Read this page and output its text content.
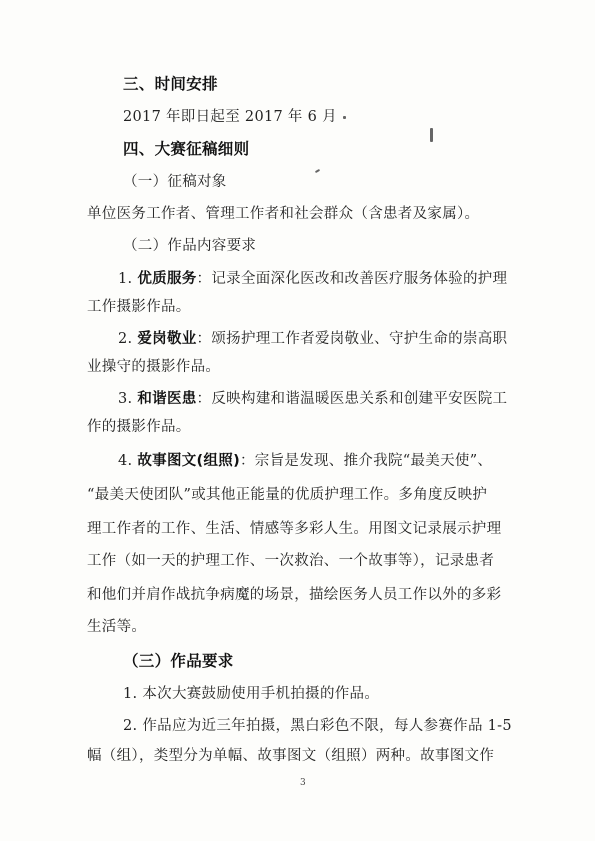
三、时间安排
2017 年即日起至 2017 年 6 月
四、大赛征稿细则
（一）征稿对象
单位医务工作者、管理工作者和社会群众（含患者及家属）。
（二）作品内容要求
1. 优质服务：记录全面深化医改和改善医疗服务体验的护理
工作摄影作品。
2. 爱岗敬业：颂扬护理工作者爱岗敬业、守护生命的崇高职
业操守的摄影作品。
3. 和谐医患：反映构建和谐温暖医患关系和创建平安医院工
作的摄影作品。
4. 故事图文(组照)：宗旨是发现、推介我院“最美天使”、
“最美天使团队”或其他正能量的优质护理工作。多角度反映护
理工作者的工作、生活、情感等多彩人生。用图文记录展示护理
工作（如一天的护理工作、一次救治、一个故事等），记录患者
和他们并肩作战抗争病魔的场景，描绘医务人员工作以外的多彩
生活等。
（三）作品要求
1. 本次大赛鼓励使用手机拍摄的作品。
2. 作品应为近三年拍摄，黑白彩色不限，每人参赛作品 1-5
幅（组），类型分为单幅、故事图文（组照）两种。故事图文作
3
